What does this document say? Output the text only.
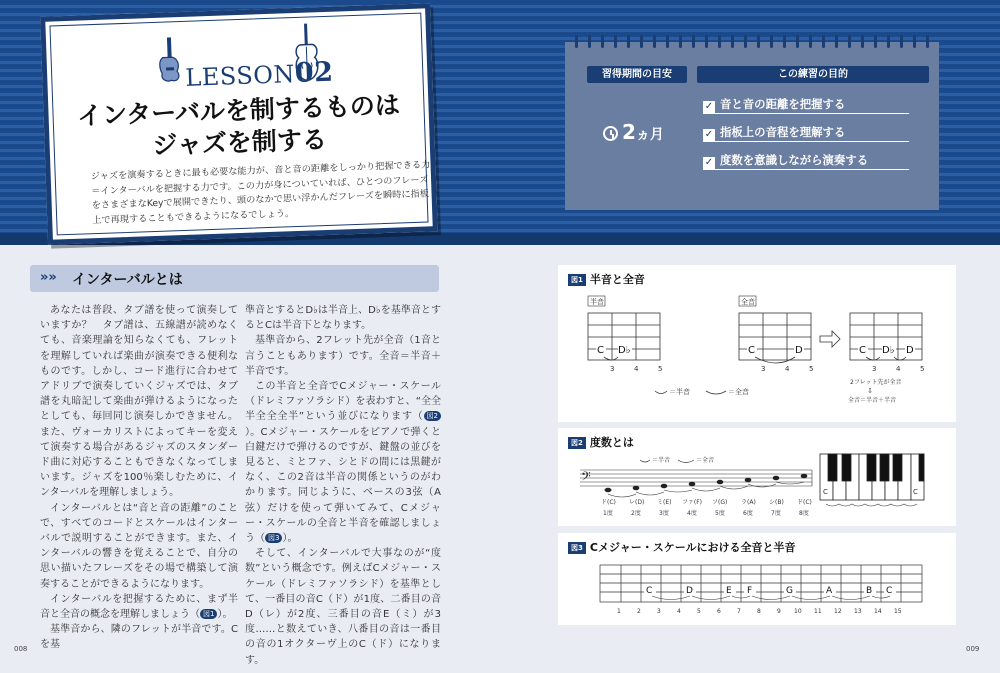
LESSON02
インターバルを制するものは
ジャズを制する
ジャズを演奏するときに最も必要な能力が、音と音の距離をしっかり把握できる力＝インターバルを把握する力です。この力が身についていれば、ひとつのフレーズをさまざまなKeyで展開できたり、頭のなかで思い浮かんだフレーズを瞬時に指板上で再現することもできるようになるでしょう。
習得期間の目安	この練習の目的
2ヵ月
✓ 音と音の距離を把握する
✓ 指板上の音程を理解する
✓ 度数を意識しながら演奏する
»» インターバルとは

あなたは普段、タブ譜を使って演奏していますか？　タブ譜は、五線譜が読めなくても、音楽理論を知らなくても、フレットを理解していれば楽曲が演奏できる便利なものです。しかし、コード進行に合わせてアドリブで演奏していくジャズでは、タブ譜を丸暗記して楽曲が弾けるようになったとしても、毎回同じ演奏しかできません。また、ヴォーカリストによってキーを変えて演奏する場合があるジャズのスタンダード曲に対応することもできなくなってしまいます。ジャズを100％楽しむために、インターバルを理解しましょう。

インターバルとは“音と音の距離”のことで、すべてのコードとスケールはインターバルで説明することができます。また、インターバルの響きを覚えることで、自分の思い描いたフレーズをその場で構築して演奏することができるようになります。

インターバルを把握するために、まず半音と全音の概念を理解しましょう（ 図1 ）。

基準音から、隣のフレットが半音です。Cを基

準音とするとD♭は半音上、D♭を基準音とするとCは半音下となります。

基準音から、2フレット先が全音（1音と言うこともあります）です。全音＝半音＋半音です。

この半音と全音でCメジャー・スケール（ドレミファソラシド）を表わすと、“全全半全全全半”という並びになります（ 図2）。Cメジャー・スケールをピアノで弾くと白鍵だけで弾けるのですが、鍵盤の並びを見ると、ミとファ、シとドの間には黒鍵がなく、この2音は半音の関係というのがわかります。同じように、ベースの3弦（A弦）だけを使って弾いてみて、Cメジャー・スケールの全音と半音を確認しましょう（ 図3 ）。

そして、インターバルで大事なのが“度数”という概念です。例えばCメジャー・スケール（ドレミファソラシド）を基準として、一番目の音C（ド）が1度、二番目の音D（レ）が2度、三番目の音E（ミ）が3度……と数えていき、八番目の音は一番目の音の1オクターヴ上のC（ド）になります。

008	009
図1 半音と全音
半音	全音
C D♭	C	D	C D♭ D
3	4	5	3	4	5	3	4	5
＝半音	＝全音
2フレット先が全音
⇩
全音＝半音＋半音
図2 度数とは
＝半音	＝全音
𝄢
ド(C) レ(D) ミ(E) ファ(F) ソ(G) ラ(A) シ(B) ド(C)
1度	2度	3度	4度	5度	6度	7度	8度
C	C
図3 Cメジャー・スケールにおける全音と半音
C	D	E F	G	A	B C
1	2	3	4	5	6	7	8	9 10 11 12 13 14 15
